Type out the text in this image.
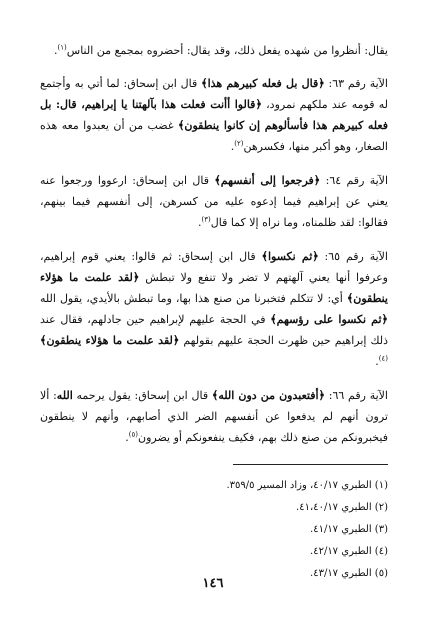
يقال: أنظروا من شهده يفعل ذلك، وقد يقال: أحضروه بمجمع من الناس$^{(١)}$.

الآية رقم ٦٣: ﴿قال بل فعله كبيرهم هذا﴾ قال ابن إسحاق: لما أتي به وأجتمع له قومه عند ملكهم نمرود، ﴿قالوا أأنت فعلت هذا بآلهتنا يا إبراهيم، قال: بل فعله كبيرهم هذا فأسألوهم إن كانوا ينطقون﴾ غضب من أن يعبدوا معه هذه الصغار، وهو أكبر منها، فكسرهن$^{(٢)}$.

الآية رقم ٦٤: ﴿فرجعوا إلى أنفسهم﴾ قال ابن إسحاق: ارعووا ورجعوا عنه يعني عن إبراهيم فيما إدعوه عليه من كسرهن، إلى أنفسهم فيما بينهم، فقالوا: لقد ظلمناه، وما نراه إلا كما قال$^{(٣)}$.

الآية رقم ٦٥: ﴿ثم نكسوا﴾ قال ابن إسحاق: ثم قالوا: يعني قوم إبراهيم، وعرفوا أنها يعني آلهتهم لا تضر ولا تنفع ولا تبطش ﴿لقد علمت ما هؤلاء ينطقون﴾ أي: لا تتكلم فتخبرنا من صنع هذا بها، وما تبطش بالأيدي، يقول الله ﴿ثم نكسوا على رؤسهم﴾ في الحجة عليهم لإبراهيم حين جادلهم، فقال عند ذلك إبراهيم حين ظهرت الحجة عليهم بقولهم ﴿لقد علمت ما هؤلاء ينطقون﴾$^{(٤)}$.

الآية رقم ٦٦: ﴿أفتعبدون من دون الله﴾ قال ابن إسحاق: يقول يرحمه الله: ألا ترون أنهم لم يدفعوا عن أنفسهم الضر الذي أصابهم، وأنهم لا ينطقون فيخبرونكم من صنع ذلك بهم، فكيف ينفعونكم أو يضرون$^{(٥)}$.

(١) الطبري ٤٠/١٧، وزاد المسير ٣٥٩/٥.

(٢) الطبري ٤١،٤٠/١٧.

(٣) الطبري ٤١/١٧.

(٤) الطبري ٤٢/١٧.

(٥) الطبري ٤٣/١٧.

١٤٦
